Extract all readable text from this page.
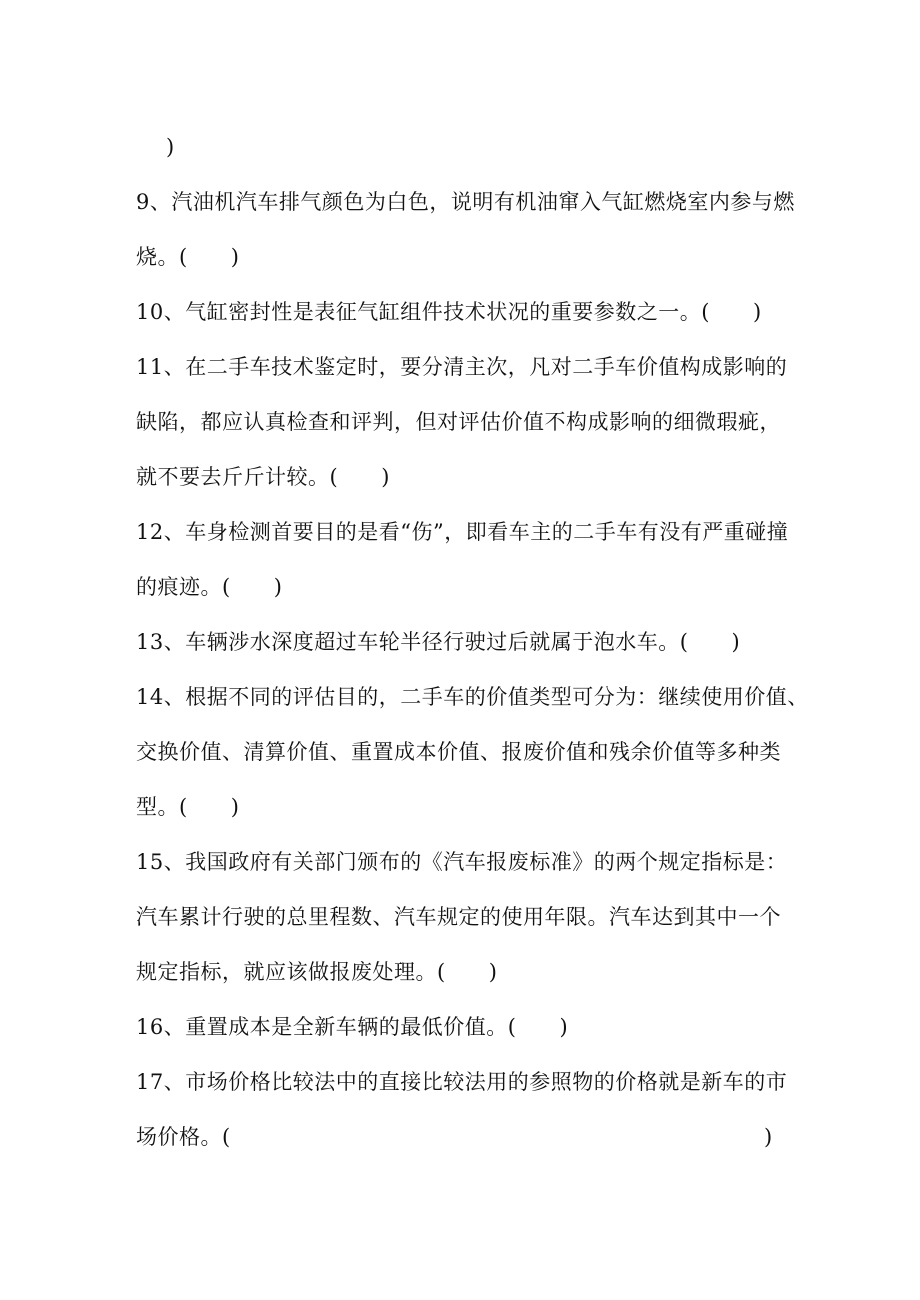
)
9、汽油机汽车排气颜色为白色，说明有机油窜入气缸燃烧室内参与燃
烧。(      )
10、气缸密封性是表征气缸组件技术状况的重要参数之一。(      )
11、在二手车技术鉴定时，要分清主次，凡对二手车价值构成影响的
缺陷，都应认真检查和评判，但对评估价值不构成影响的细微瑕疵，
就不要去斤斤计较。(      )
12、车身检测首要目的是看“伤”，即看车主的二手车有没有严重碰撞
的痕迹。(      )
13、车辆涉水深度超过车轮半径行驶过后就属于泡水车。(      )
14、根据不同的评估目的，二手车的价值类型可分为：继续使用价值、
交换价值、清算价值、重置成本价值、报废价值和残余价值等多种类
型。(      )
15、我国政府有关部门颁布的《汽车报废标准》的两个规定指标是：
汽车累计行驶的总里程数、汽车规定的使用年限。汽车达到其中一个
规定指标，就应该做报废处理。(      )
16、重置成本是全新车辆的最低价值。(      )
17、市场价格比较法中的直接比较法用的参照物的价格就是新车的市
场价格。(	)
